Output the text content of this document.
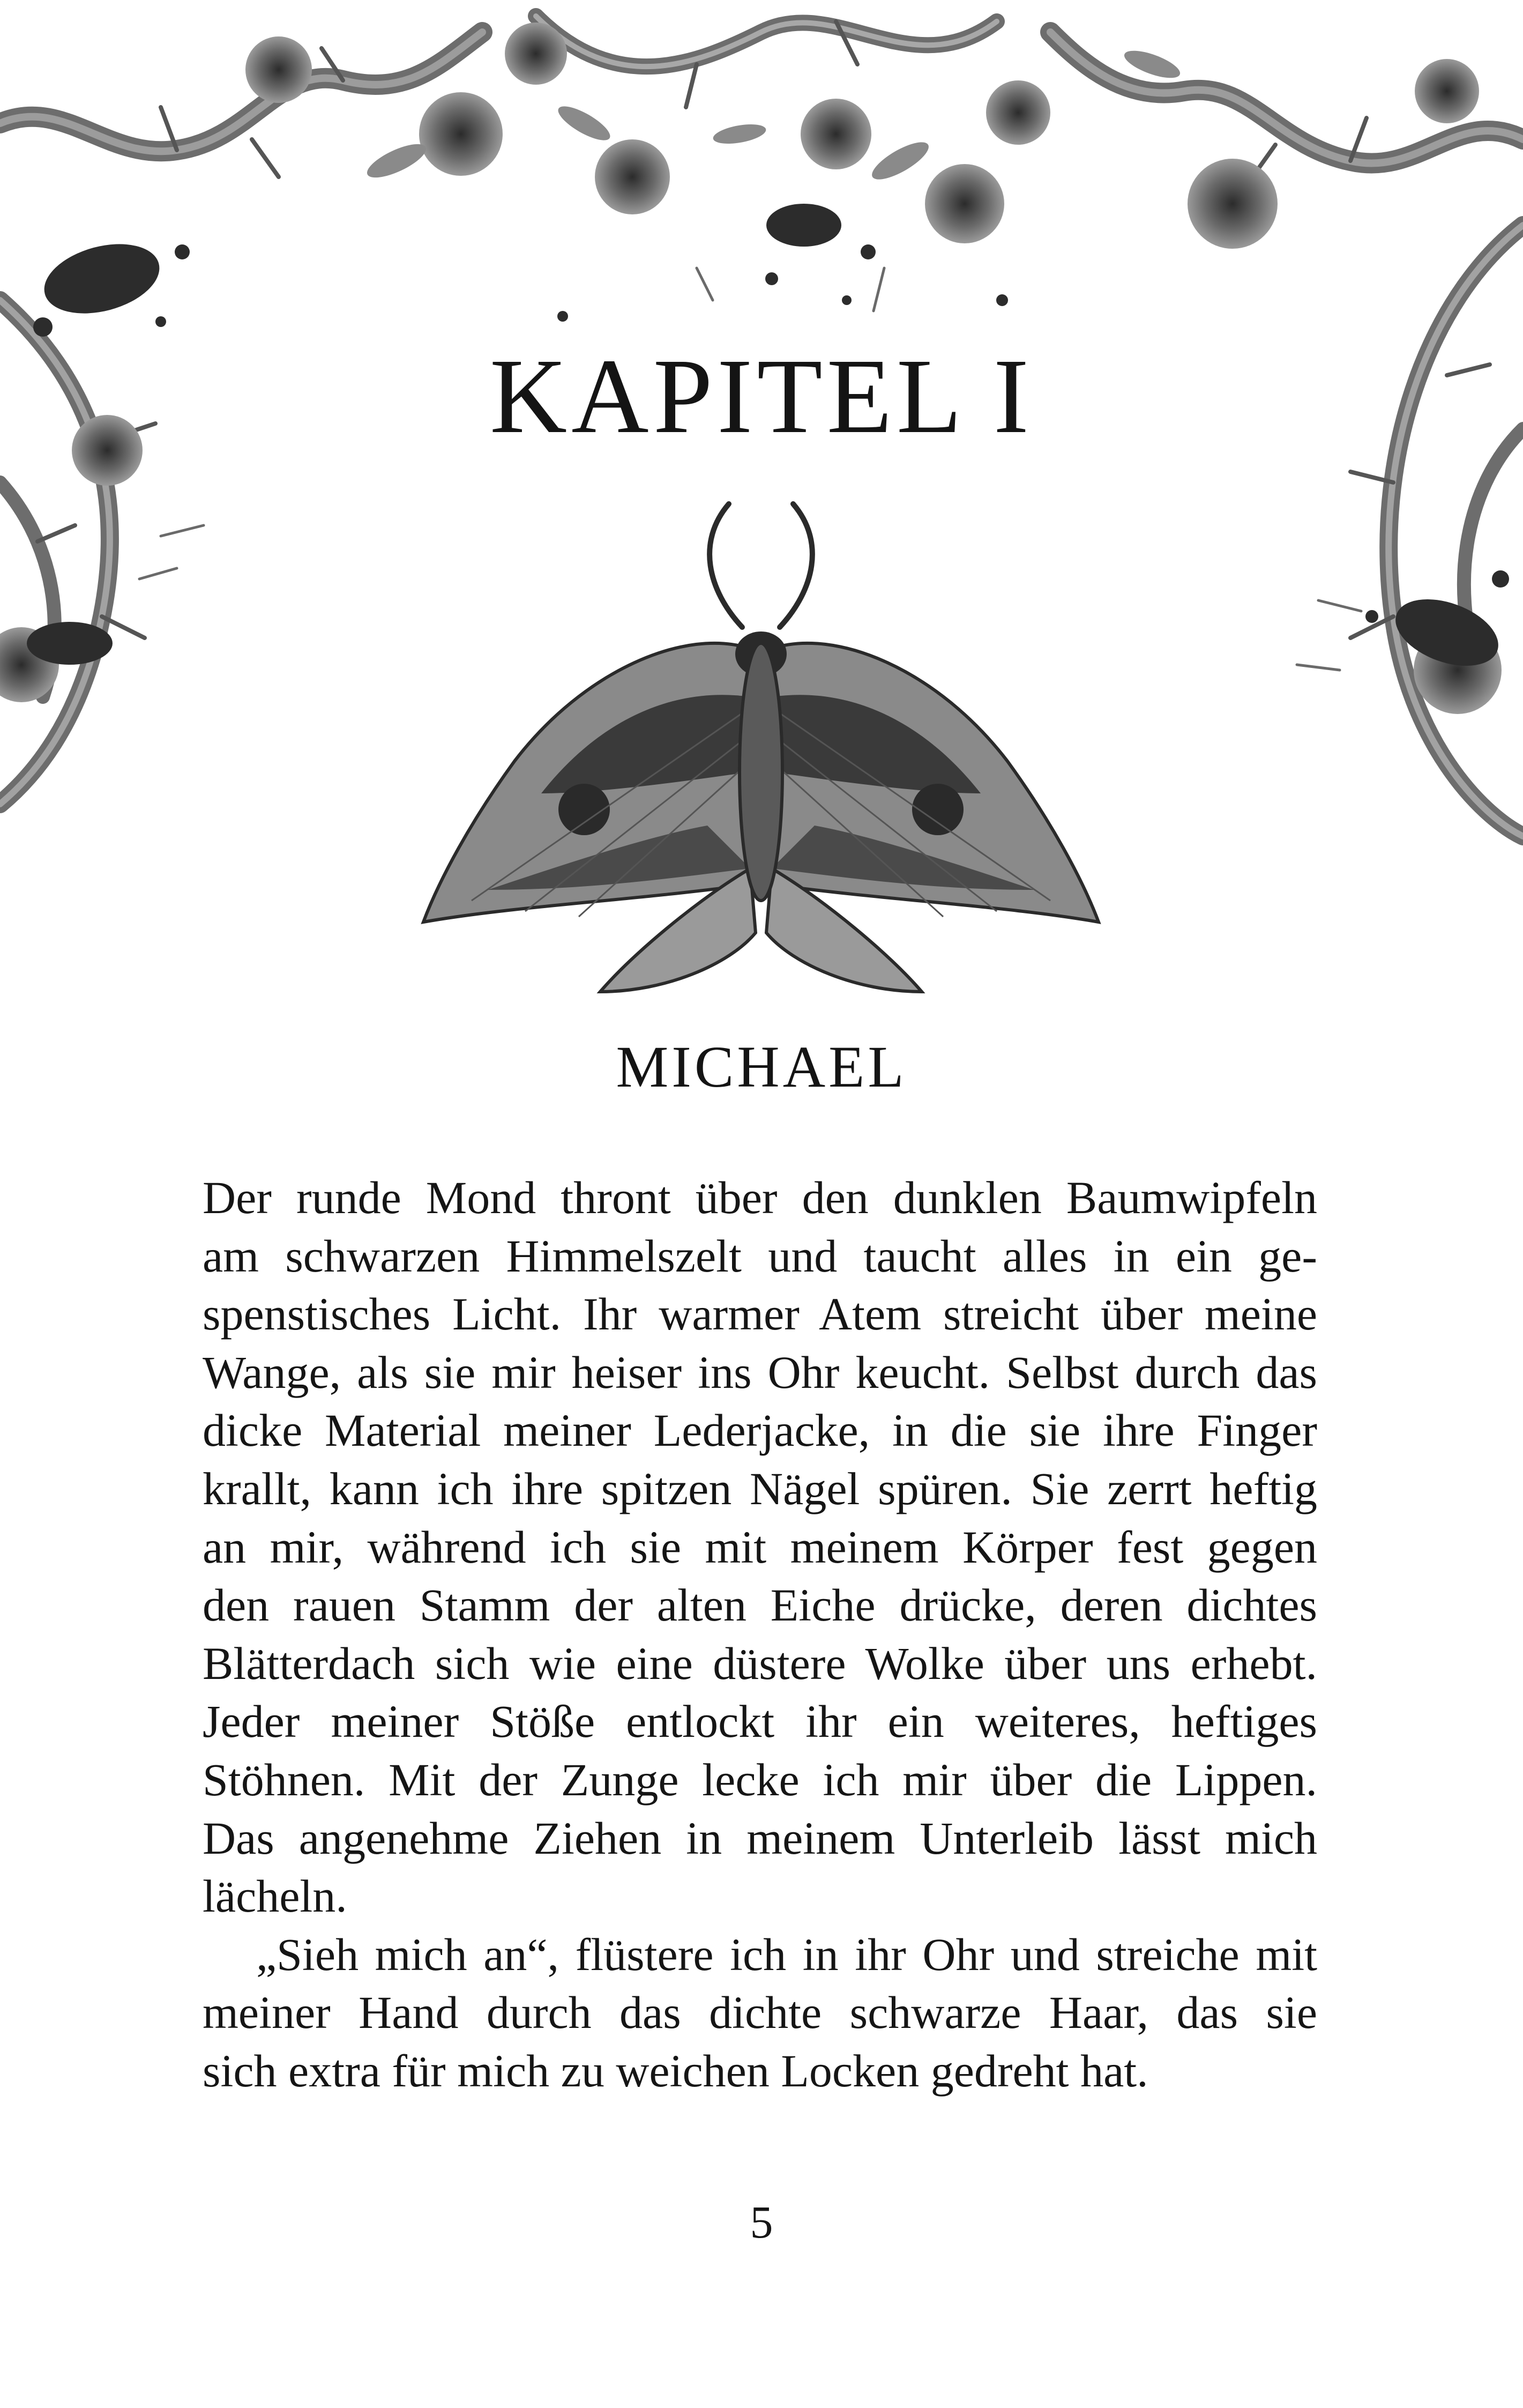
KAPITEL I
MICHAEL
Der runde Mond thront über den dunklen Baumwipfeln
am schwarzen Himmelszelt und taucht alles in ein ge-
spenstisches Licht. Ihr warmer Atem streicht über meine
Wange, als sie mir heiser ins Ohr keucht. Selbst durch das
dicke Material meiner Lederjacke, in die sie ihre Finger
krallt, kann ich ihre spitzen Nägel spüren. Sie zerrt heftig
an mir, während ich sie mit meinem Körper fest gegen
den rauen Stamm der alten Eiche drücke, deren dichtes
Blätterdach sich wie eine düstere Wolke über uns erhebt.
Jeder meiner Stöße entlockt ihr ein weiteres, heftiges
Stöhnen. Mit der Zunge lecke ich mir über die Lippen.
Das angenehme Ziehen in meinem Unterleib lässt mich
lächeln.
„Sieh mich an“, flüstere ich in ihr Ohr und streiche mit
meiner Hand durch das dichte schwarze Haar, das sie
sich extra für mich zu weichen Locken gedreht hat.
5
